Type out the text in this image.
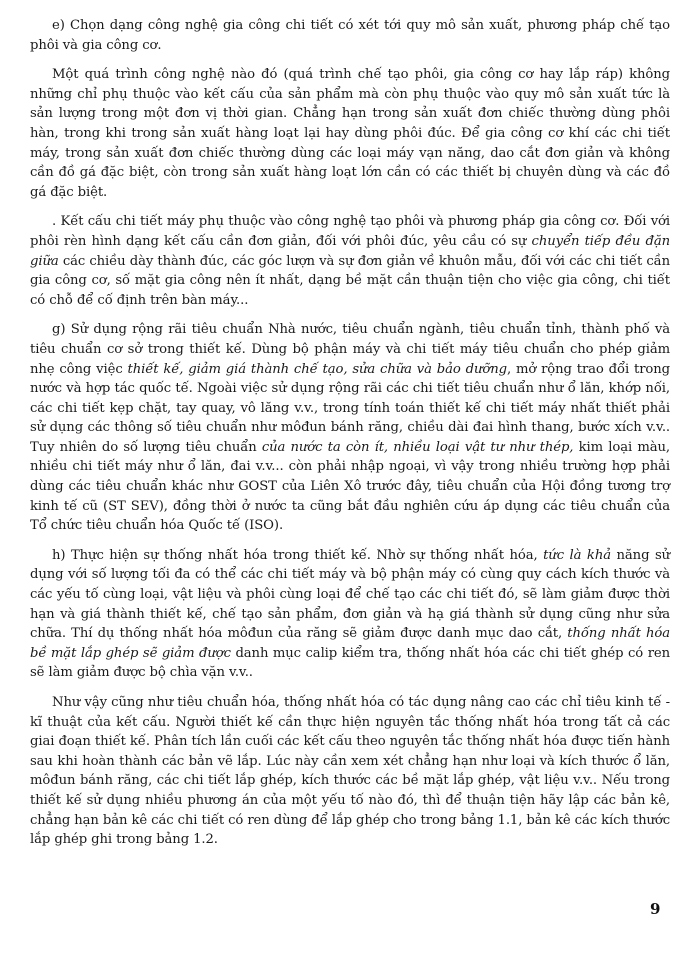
e) Chọn dạng công nghệ gia công chi tiết có xét tới quy mô sản xuất, phương pháp chế tạo phôi và gia công cơ.

Một quá trình công nghệ nào đó (quá trình chế tạo phôi, gia công cơ hay lắp ráp) không những chỉ phụ thuộc vào kết cấu của sản phẩm mà còn phụ thuộc vào quy mô sản xuất tức là sản lượng trong một đơn vị thời gian. Chẳng hạn trong sản xuất đơn chiếc thường dùng phôi hàn, trong khi trong sản xuất hàng loạt lại hay dùng phôi đúc. Để gia công cơ khí các chi tiết máy, trong sản xuất đơn chiếc thường dùng các loại máy vạn năng, dao cắt đơn giản và không cần đồ gá đặc biệt, còn trong sản xuất hàng loạt lớn cần có các thiết bị chuyên dùng và các đồ gá đặc biệt.

. Kết cấu chi tiết máy phụ thuộc vào công nghệ tạo phôi và phương pháp gia công cơ. Đối với phôi rèn hình dạng kết cấu cần đơn giản, đối với phôi đúc, yêu cầu có sự chuyển tiếp đều đặn giữa các chiều dày thành đúc, các góc lượn và sự đơn giản về khuôn mẫu, đối với các chi tiết cần gia công cơ, số mặt gia công nên ít nhất, dạng bề mặt cần thuận tiện cho việc gia công, chi tiết có chỗ để cố định trên bàn máy...

g) Sử dụng rộng rãi tiêu chuẩn Nhà nước, tiêu chuẩn ngành, tiêu chuẩn tỉnh, thành phố và tiêu chuẩn cơ sở trong thiết kế. Dùng bộ phận máy và chi tiết máy tiêu chuẩn cho phép giảm nhẹ công việc thiết kế, giảm giá thành chế tạo, sửa chữa và bảo dưỡng, mở rộng trao đổi trong nước và hợp tác quốc tế. Ngoài việc sử dụng rộng rãi các chi tiết tiêu chuẩn như ổ lăn, khớp nối, các chi tiết kẹp chặt, tay quay, vô lăng v.v., trong tính toán thiết kế chi tiết máy nhất thiết phải sử dụng các thông số tiêu chuẩn như môđun bánh răng, chiều dài đai hình thang, bước xích v.v.. Tuy nhiên do số lượng tiêu chuẩn của nước ta còn ít, nhiều loại vật tư như thép, kim loại màu, nhiều chi tiết máy như ổ lăn, đai v.v... còn phải nhập ngoại, vì vậy trong nhiều trường hợp phải dùng các tiêu chuẩn khác như GOST của Liên Xô trước đây, tiêu chuẩn của Hội đồng tương trợ kinh tế cũ (ST SEV), đồng thời ở nước ta cũng bắt đầu nghiên cứu áp dụng các tiêu chuẩn của Tổ chức tiêu chuẩn hóa Quốc tế (ISO).

h) Thực hiện sự thống nhất hóa trong thiết kế. Nhờ sự thống nhất hóa, tức là khả năng sử dụng với số lượng tối đa có thể các chi tiết máy và bộ phận máy có cùng quy cách kích thước và các yếu tố cùng loại, vật liệu và phôi cùng loại để chế tạo các chi tiết đó, sẽ làm giảm được thời hạn và giá thành thiết kế, chế tạo sản phẩm, đơn giản và hạ giá thành sử dụng cũng như sửa chữa. Thí dụ thống nhất hóa môđun của răng sẽ giảm được danh mục dao cắt, thống nhất hóa bề mặt lắp ghép sẽ giảm được danh mục calip kiểm tra, thống nhất hóa các chi tiết ghép có ren sẽ làm giảm được bộ chìa vặn v.v..

Như vậy cũng như tiêu chuẩn hóa, thống nhất hóa có tác dụng nâng cao các chỉ tiêu kinh tế - kĩ thuật của kết cấu. Người thiết kế cần thực hiện nguyên tắc thống nhất hóa trong tất cả các giai đoạn thiết kế. Phân tích lần cuối các kết cấu theo nguyên tắc thống nhất hóa được tiến hành sau khi hoàn thành các bản vẽ lắp. Lúc này cần xem xét chẳng hạn như loại và kích thước ổ lăn, môđun bánh răng, các chi tiết lắp ghép, kích thước các bề mặt lắp ghép, vật liệu v.v.. Nếu trong thiết kế sử dụng nhiều phương án của một yếu tố nào đó, thì để thuận tiện hãy lập các bản kê, chẳng hạn bản kê các chi tiết có ren dùng để lắp ghép cho trong bảng 1.1, bản kê các kích thước lắp ghép ghi trong bảng 1.2.

9
